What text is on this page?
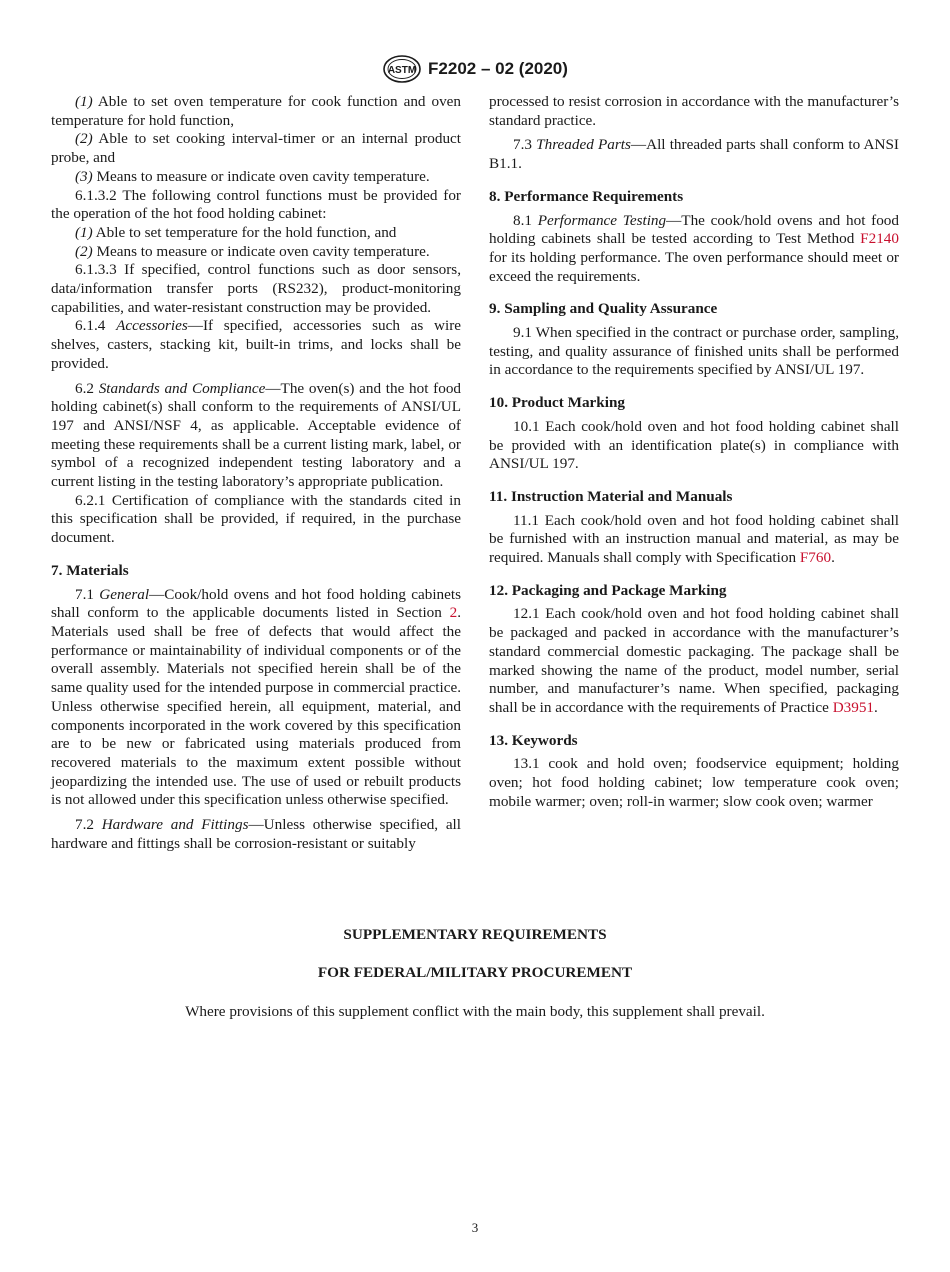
ASTM F2202 – 02 (2020)

(1) Able to set oven temperature for cook function and oven temperature for hold function,

(2) Able to set cooking interval-timer or an internal product probe, and

(3) Means to measure or indicate oven cavity temperature.

6.1.3.2 The following control functions must be provided for the operation of the hot food holding cabinet:

(1) Able to set temperature for the hold function, and

(2) Means to measure or indicate oven cavity temperature.

6.1.3.3 If specified, control functions such as door sensors, data/information transfer ports (RS232), product-monitoring capabilities, and water-resistant construction may be provided.

6.1.4 Accessories—If specified, accessories such as wire shelves, casters, stacking kit, built-in trims, and locks shall be provided.

6.2 Standards and Compliance—The oven(s) and the hot food holding cabinet(s) shall conform to the requirements of ANSI/UL 197 and ANSI/NSF 4, as applicable. Acceptable evidence of meeting these requirements shall be a current listing mark, label, or symbol of a recognized independent testing laboratory and a current listing in the testing laboratory’s appropriate publication.

6.2.1 Certification of compliance with the standards cited in this specification shall be provided, if required, in the purchase document.

7. Materials

7.1 General—Cook/hold ovens and hot food holding cabinets shall conform to the applicable documents listed in Section 2. Materials used shall be free of defects that would affect the performance or maintainability of individual components or of the overall assembly. Materials not specified herein shall be of the same quality used for the intended purpose in commercial practice. Unless otherwise specified herein, all equipment, material, and components incorporated in the work covered by this specification are to be new or fabricated using materials produced from recovered materials to the maximum extent possible without jeopardizing the intended use. The use of used or rebuilt products is not allowed under this specification unless otherwise specified.

7.2 Hardware and Fittings—Unless otherwise specified, all hardware and fittings shall be corrosion-resistant or suitably

processed to resist corrosion in accordance with the manufacturer’s standard practice.

7.3 Threaded Parts—All threaded parts shall conform to ANSI B1.1.

8. Performance Requirements

8.1 Performance Testing—The cook/hold ovens and hot food holding cabinets shall be tested according to Test Method F2140 for its holding performance. The oven performance should meet or exceed the requirements.

9. Sampling and Quality Assurance

9.1 When specified in the contract or purchase order, sampling, testing, and quality assurance of finished units shall be performed in accordance to the requirements specified by ANSI/UL 197.

10. Product Marking

10.1 Each cook/hold oven and hot food holding cabinet shall be provided with an identification plate(s) in compliance with ANSI/UL 197.

11. Instruction Material and Manuals

11.1 Each cook/hold oven and hot food holding cabinet shall be furnished with an instruction manual and material, as may be required. Manuals shall comply with Specification F760.

12. Packaging and Package Marking

12.1 Each cook/hold oven and hot food holding cabinet shall be packaged and packed in accordance with the manufacturer’s standard commercial domestic packaging. The package shall be marked showing the name of the product, model number, serial number, and manufacturer’s name. When specified, packaging shall be in accordance with the requirements of Practice D3951.

13. Keywords

13.1 cook and hold oven; foodservice equipment; holding oven; hot food holding cabinet; low temperature cook oven; mobile warmer; oven; roll-in warmer; slow cook oven; warmer

SUPPLEMENTARY REQUIREMENTS
FOR FEDERAL/MILITARY PROCUREMENT
Where provisions of this supplement conflict with the main body, this supplement shall prevail.
3
